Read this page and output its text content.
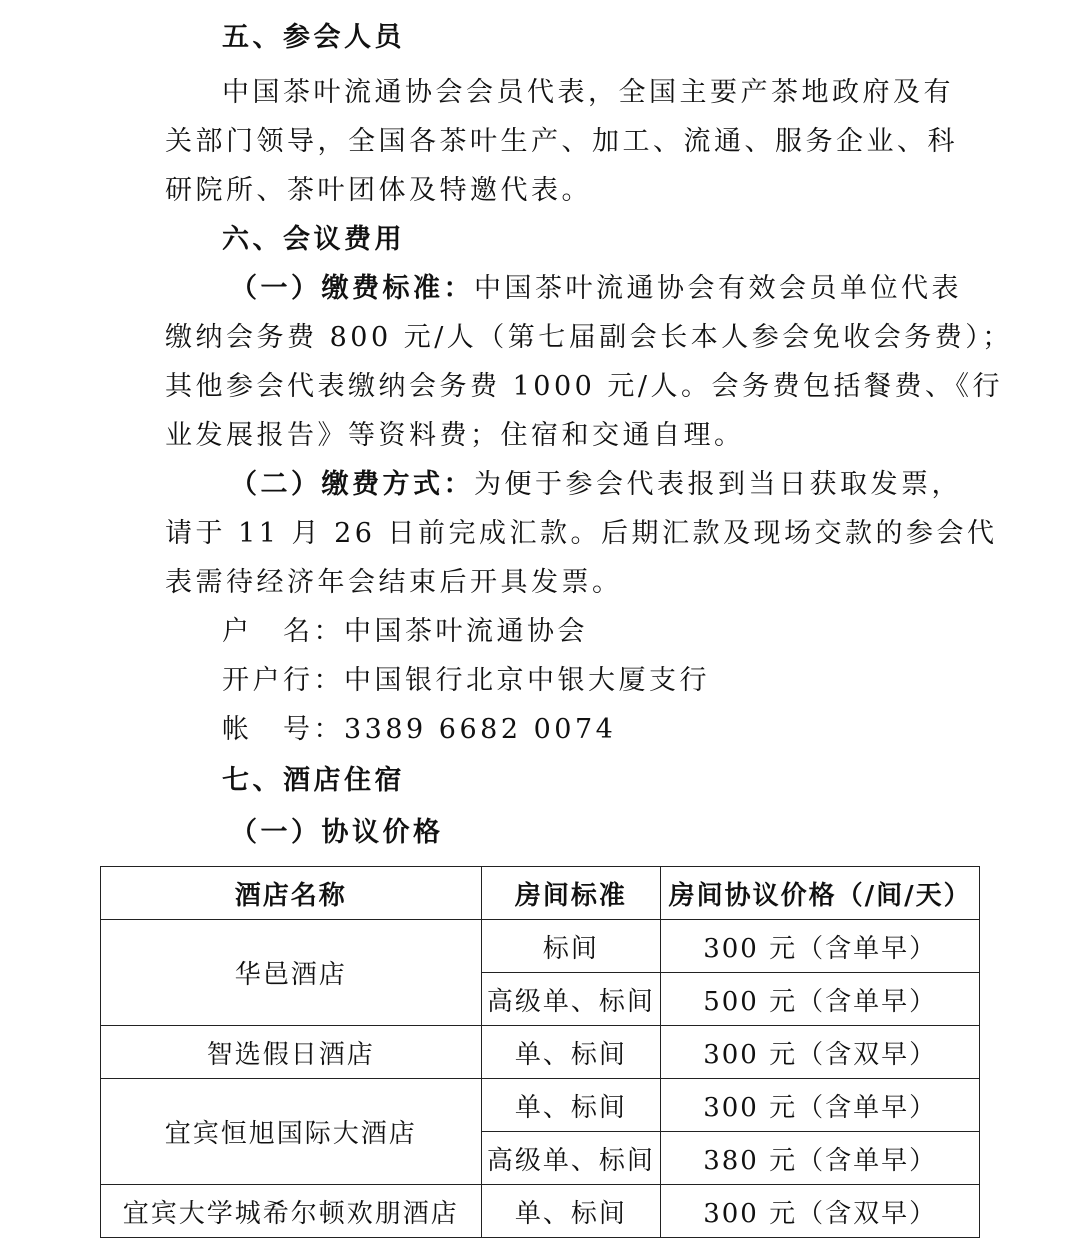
五、参会人员
中国茶叶流通协会会员代表，全国主要产茶地政府及有
关部门领导，全国各茶叶生产、加工、流通、服务企业、科
研院所、茶叶团体及特邀代表。
六、会议费用
（一）缴费标准：中国茶叶流通协会有效会员单位代表
缴纳会务费 800 元/人（第七届副会长本人参会免收会务费）；
其他参会代表缴纳会务费 1000 元/人。会务费包括餐费、《行
业发展报告》等资料费；住宿和交通自理。
（二）缴费方式：为便于参会代表报到当日获取发票，
请于 11 月 26 日前完成汇款。后期汇款及现场交款的参会代
表需待经济年会结束后开具发票。
户　名：中国茶叶流通协会
开户行：中国银行北京中银大厦支行
帐　号：3389 6682 0074
七、酒店住宿
（一）协议价格
酒店名称	房间标准	房间协议价格（/间/天）
华邑酒店	标间	300 元（含单早）
	高级单、标间	500 元（含单早）
智选假日酒店	单、标间	300 元（含双早）
宜宾恒旭国际大酒店	单、标间	300 元（含单早）
	高级单、标间	380 元（含单早）
宜宾大学城希尔顿欢朋酒店	单、标间	300 元（含双早）
